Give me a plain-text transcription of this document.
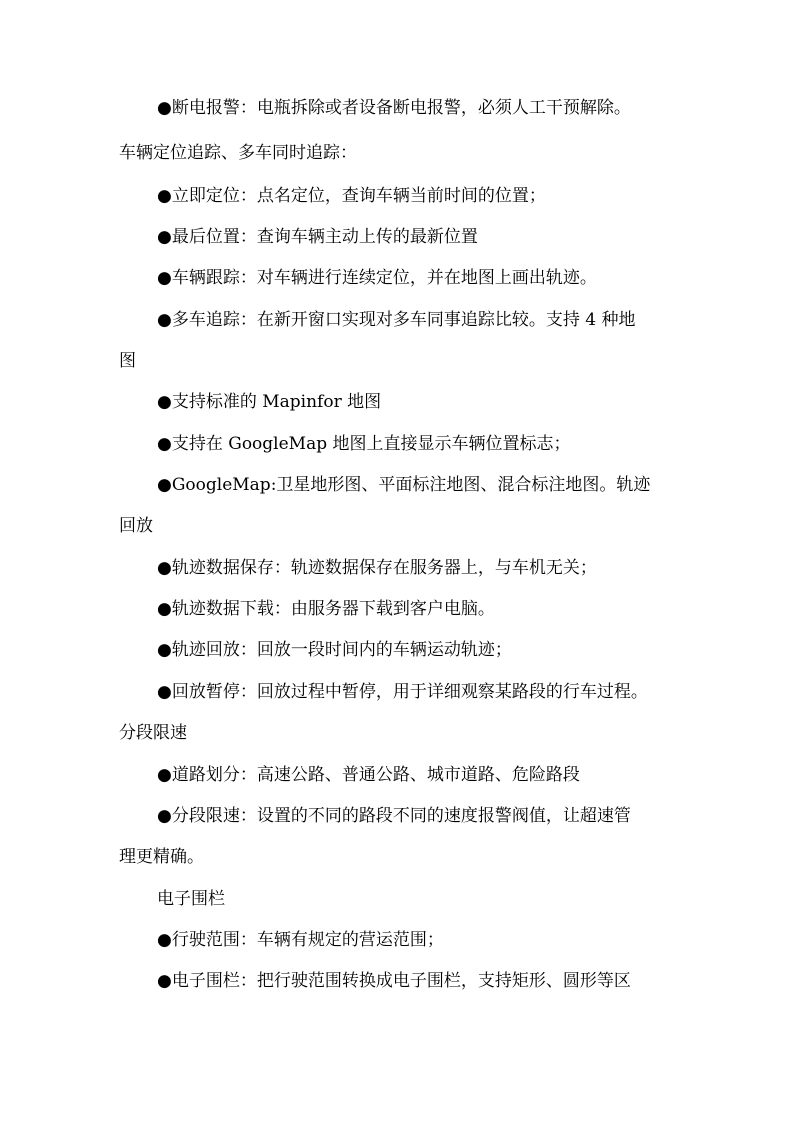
●断电报警：电瓶拆除或者设备断电报警，必须人工干预解除。
车辆定位追踪、多车同时追踪：
●立即定位：点名定位，查询车辆当前时间的位置；
●最后位置：查询车辆主动上传的最新位置
●车辆跟踪：对车辆进行连续定位，并在地图上画出轨迹。
●多车追踪：在新开窗口实现对多车同事追踪比较。支持 4 种地
图
●支持标准的 Mapinfor 地图
●支持在 GoogleMap 地图上直接显示车辆位置标志；
●GoogleMap:卫星地形图、平面标注地图、混合标注地图。轨迹
回放
●轨迹数据保存：轨迹数据保存在服务器上，与车机无关；
●轨迹数据下载：由服务器下载到客户电脑。
●轨迹回放：回放一段时间内的车辆运动轨迹；
●回放暂停：回放过程中暂停，用于详细观察某路段的行车过程。
分段限速
●道路划分：高速公路、普通公路、城市道路、危险路段
●分段限速：设置的不同的路段不同的速度报警阀值，让超速管
理更精确。
电子围栏
●行驶范围：车辆有规定的营运范围；
●电子围栏：把行驶范围转换成电子围栏，支持矩形、圆形等区
